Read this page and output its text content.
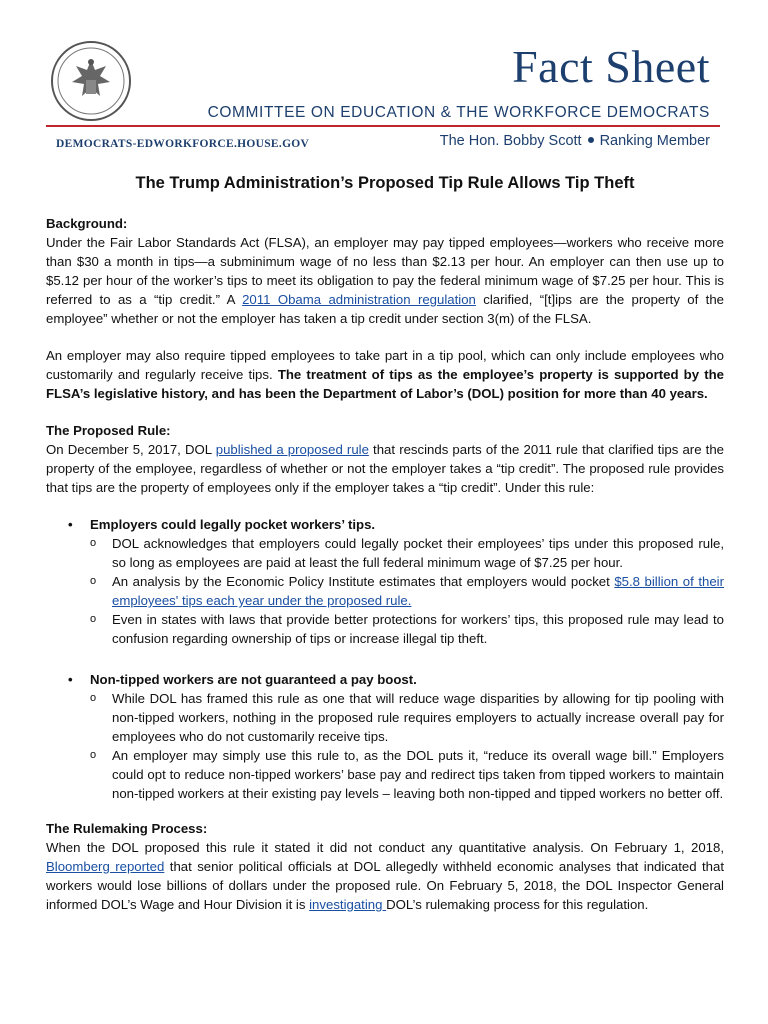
Fact Sheet
COMMITTEE ON EDUCATION & THE WORKFORCE DEMOCRATS
DEMOCRATS-EDWORKFORCE.HOUSE.GOV	The Hon. Bobby Scott Ranking Member
The Trump Administration’s Proposed Tip Rule Allows Tip Theft
Background:

Under the Fair Labor Standards Act (FLSA), an employer may pay tipped employees—workers who receive more than $30 a month in tips—a subminimum wage of no less than $2.13 per hour. An employer can then use up to $5.12 per hour of the worker’s tips to meet its obligation to pay the federal minimum wage of $7.25 per hour. This is referred to as a “tip credit.” A 2011 Obama administration regulation clarified, “[t]ips are the property of the employee” whether or not the employer has taken a tip credit under section 3(m) of the FLSA.

An employer may also require tipped employees to take part in a tip pool, which can only include employees who customarily and regularly receive tips. The treatment of tips as the employee’s property is supported by the FLSA’s legislative history, and has been the Department of Labor’s (DOL) position for more than 40 years.

The Proposed Rule:

On December 5, 2017, DOL published a proposed rule that rescinds parts of the 2011 rule that clarified tips are the property of the employee, regardless of whether or not the employer takes a “tip credit”. The proposed rule provides that tips are the property of employees only if the employer takes a “tip credit”. Under this rule:

• Employers could legally pocket workers’ tips.
o DOL acknowledges that employers could legally pocket their employees’ tips under this proposed rule, so long as employees are paid at least the full federal minimum wage of $7.25 per hour.
o An analysis by the Economic Policy Institute estimates that employers would pocket $5.8 billion of their employees' tips each year under the proposed rule.
o Even in states with laws that provide better protections for workers’ tips, this proposed rule may lead to confusion regarding ownership of tips or increase illegal tip theft.
• Non-tipped workers are not guaranteed a pay boost.
o While DOL has framed this rule as one that will reduce wage disparities by allowing for tip pooling with non-tipped workers, nothing in the proposed rule requires employers to actually increase overall pay for employees who do not customarily receive tips.
o An employer may simply use this rule to, as the DOL puts it, “reduce its overall wage bill.” Employers could opt to reduce non-tipped workers’ base pay and redirect tips taken from tipped workers to maintain non-tipped workers at their existing pay levels – leaving both non-tipped and tipped workers no better off.
The Rulemaking Process:

When the DOL proposed this rule it stated it did not conduct any quantitative analysis. On February 1, 2018, Bloomberg reported that senior political officials at DOL allegedly withheld economic analyses that indicated that workers would lose billions of dollars under the proposed rule. On February 5, 2018, the DOL Inspector General informed DOL’s Wage and Hour Division it is investigating DOL’s rulemaking process for this regulation.
